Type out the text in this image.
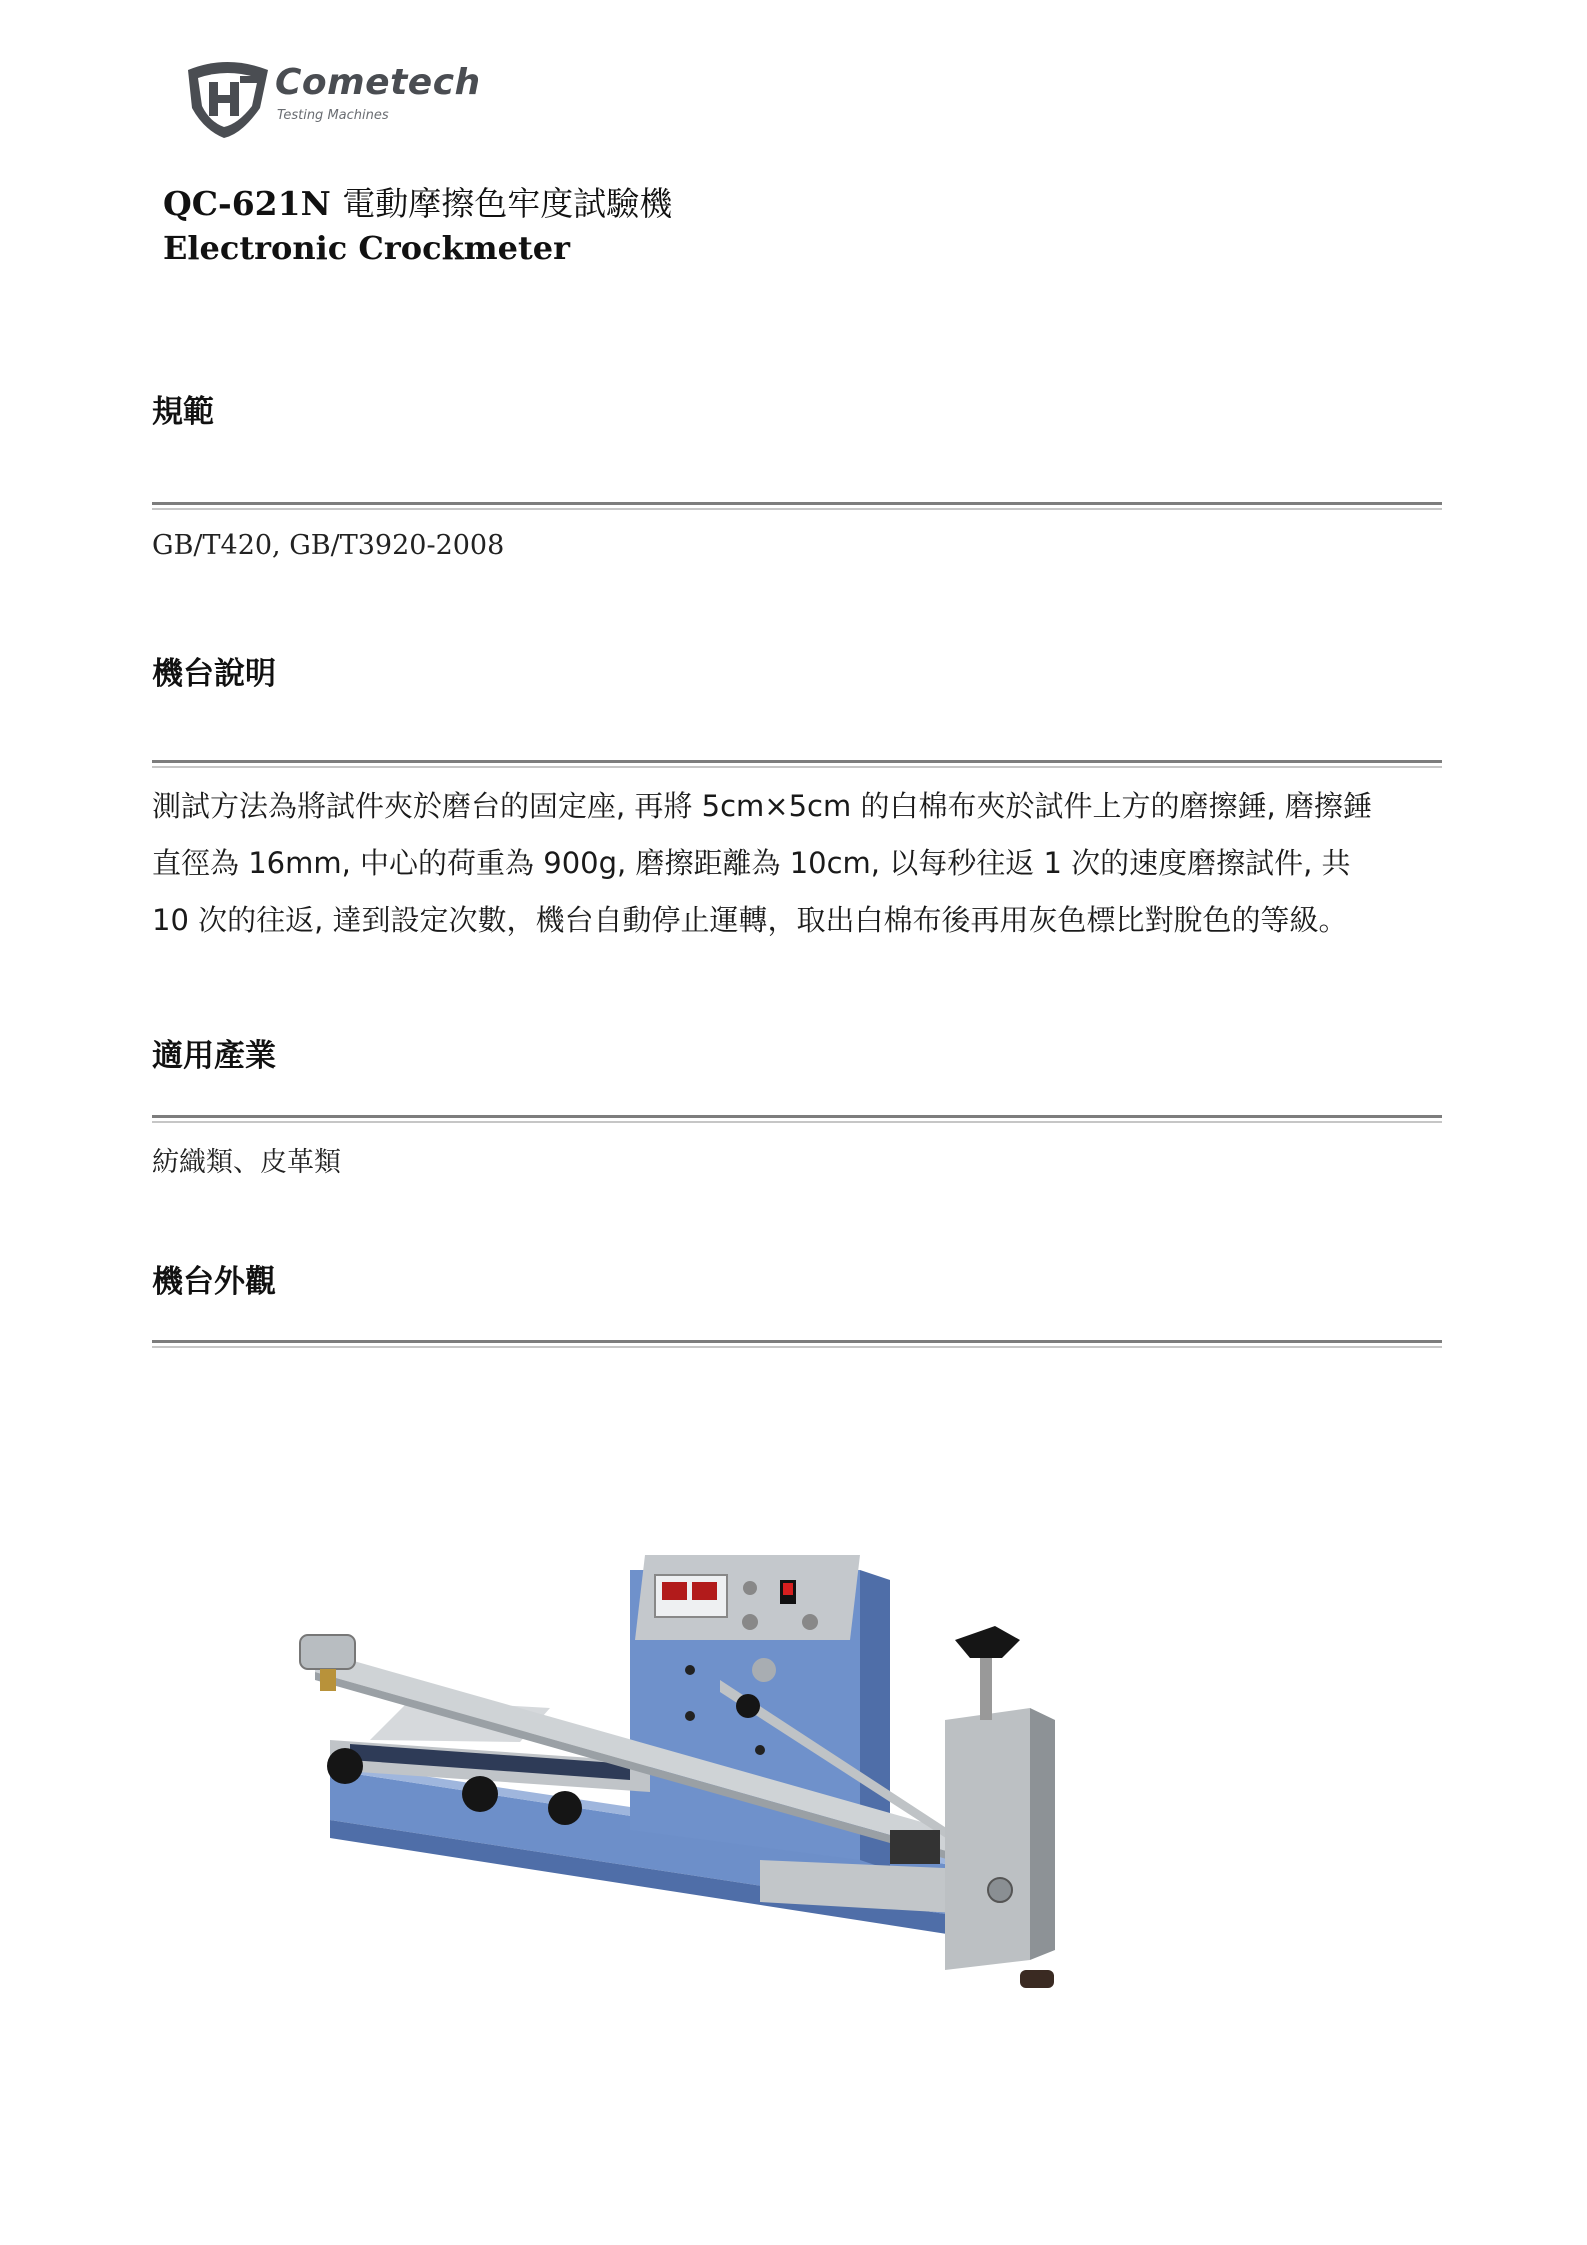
Cometech
Testing Machines
QC-621N 電動摩擦色牢度試驗機
Electronic Crockmeter
規範
GB/T420, GB/T3920-2008
機台說明

測試方法為將試件夾於磨台的固定座, 再將 5cm×5cm 的白棉布夾於試件上方的磨擦錘, 磨擦錘

直徑為 16mm, 中心的荷重為 900g, 磨擦距離為 10cm, 以每秒往返 1 次的速度磨擦試件, 共

10 次的往返, 達到設定次數，機台自動停止運轉，取出白棉布後再用灰色標比對脫色的等級。

適用產業
紡織類、皮革類
機台外觀
